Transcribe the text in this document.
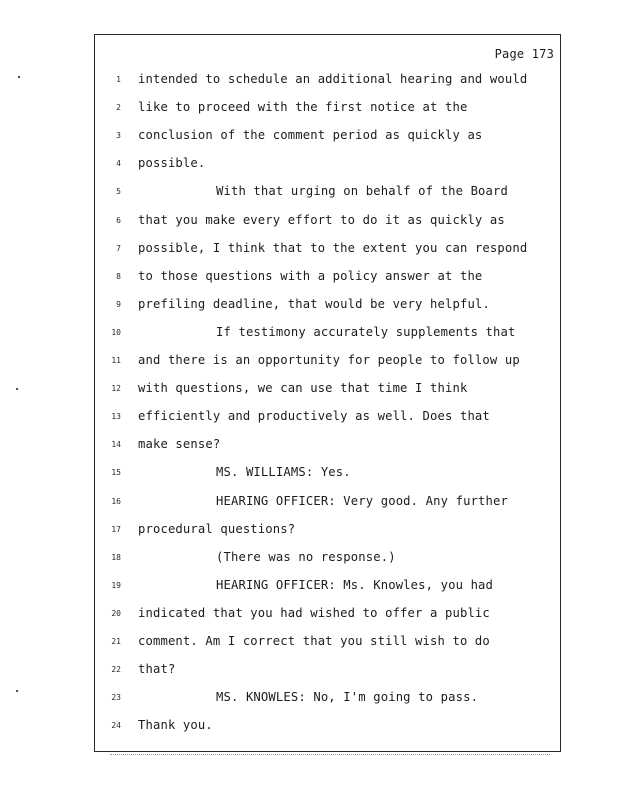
Page 173
1 intended to schedule an additional hearing and would
2 like to proceed with the first notice at the
3 conclusion of the comment period as quickly as
4 possible.
5	With that urging on behalf of the Board
6 that you make every effort to do it as quickly as
7 possible, I think that to the extent you can respond
8 to those questions with a policy answer at the
9 prefiling deadline, that would be very helpful.
10	If testimony accurately supplements that
11 and there is an opportunity for people to follow up
12 with questions, we can use that time I think
13 efficiently and productively as well. Does that
14 make sense?
15	MS. WILLIAMS: Yes.
16	HEARING OFFICER: Very good. Any further
17 procedural questions?
18	(There was no response.)
19	HEARING OFFICER: Ms. Knowles, you had
20 indicated that you had wished to offer a public
21 comment. Am I correct that you still wish to do
22 that?
23	MS. KNOWLES: No, I'm going to pass.
24 Thank you.
